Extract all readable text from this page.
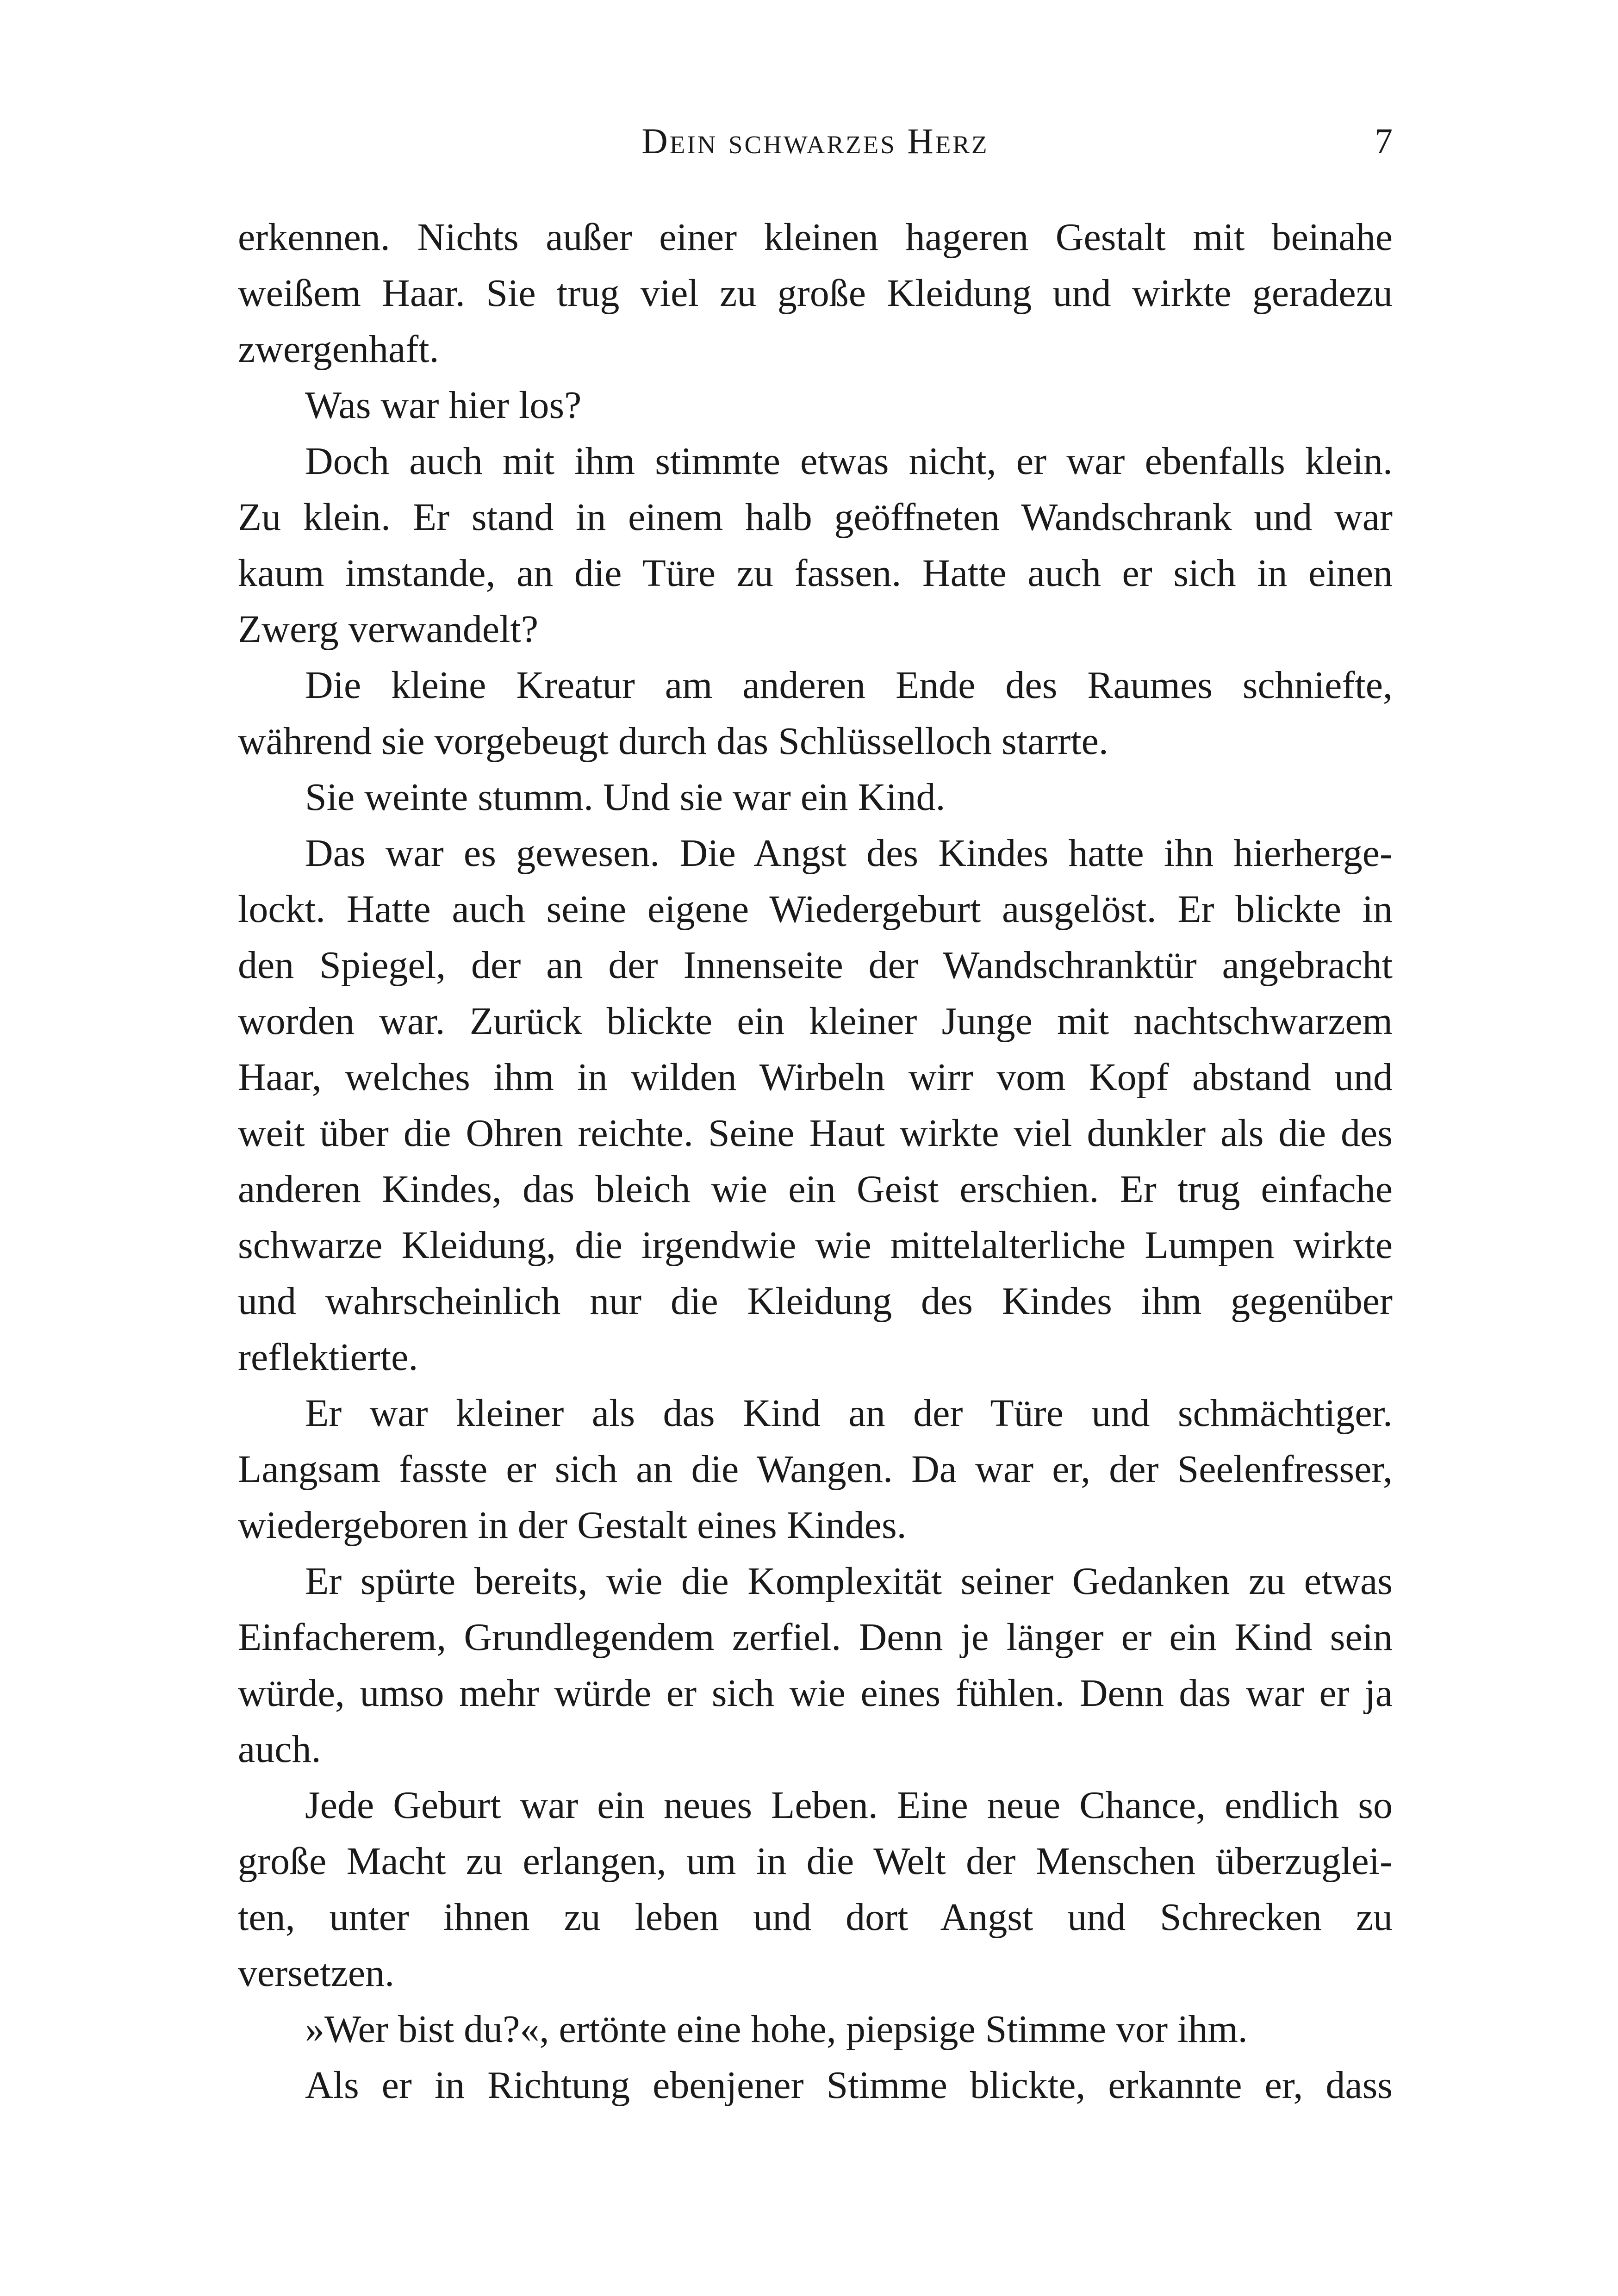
Dein schwarzes Herz	7
erkennen. Nichts außer einer kleinen hageren Gestalt mit beinahe
weißem Haar. Sie trug viel zu große Kleidung und wirkte geradezu
zwergenhaft.
Was war hier los?
Doch auch mit ihm stimmte etwas nicht, er war ebenfalls klein.
Zu klein. Er stand in einem halb geöffneten Wandschrank und war
kaum imstande, an die Türe zu fassen. Hatte auch er sich in einen
Zwerg verwandelt?
Die kleine Kreatur am anderen Ende des Raumes schniefte,
während sie vorgebeugt durch das Schlüsselloch starrte.
Sie weinte stumm. Und sie war ein Kind.
Das war es gewesen. Die Angst des Kindes hatte ihn hierherge-
lockt. Hatte auch seine eigene Wiedergeburt ausgelöst. Er blickte in
den Spiegel, der an der Innenseite der Wandschranktür angebracht
worden war. Zurück blickte ein kleiner Junge mit nachtschwarzem
Haar, welches ihm in wilden Wirbeln wirr vom Kopf abstand und
weit über die Ohren reichte. Seine Haut wirkte viel dunkler als die des
anderen Kindes, das bleich wie ein Geist erschien. Er trug einfache
schwarze Kleidung, die irgendwie wie mittelalterliche Lumpen wirkte
und wahrscheinlich nur die Kleidung des Kindes ihm gegenüber
reflektierte.
Er war kleiner als das Kind an der Türe und schmächtiger.
Langsam fasste er sich an die Wangen. Da war er, der Seelenfresser,
wiedergeboren in der Gestalt eines Kindes.
Er spürte bereits, wie die Komplexität seiner Gedanken zu etwas
Einfacherem, Grundlegendem zerfiel. Denn je länger er ein Kind sein
würde, umso mehr würde er sich wie eines fühlen. Denn das war er ja
auch.
Jede Geburt war ein neues Leben. Eine neue Chance, endlich so
große Macht zu erlangen, um in die Welt der Menschen überzuglei-
ten, unter ihnen zu leben und dort Angst und Schrecken zu
versetzen.
»Wer bist du?«, ertönte eine hohe, piepsige Stimme vor ihm.
Als er in Richtung ebenjener Stimme blickte, erkannte er, dass
